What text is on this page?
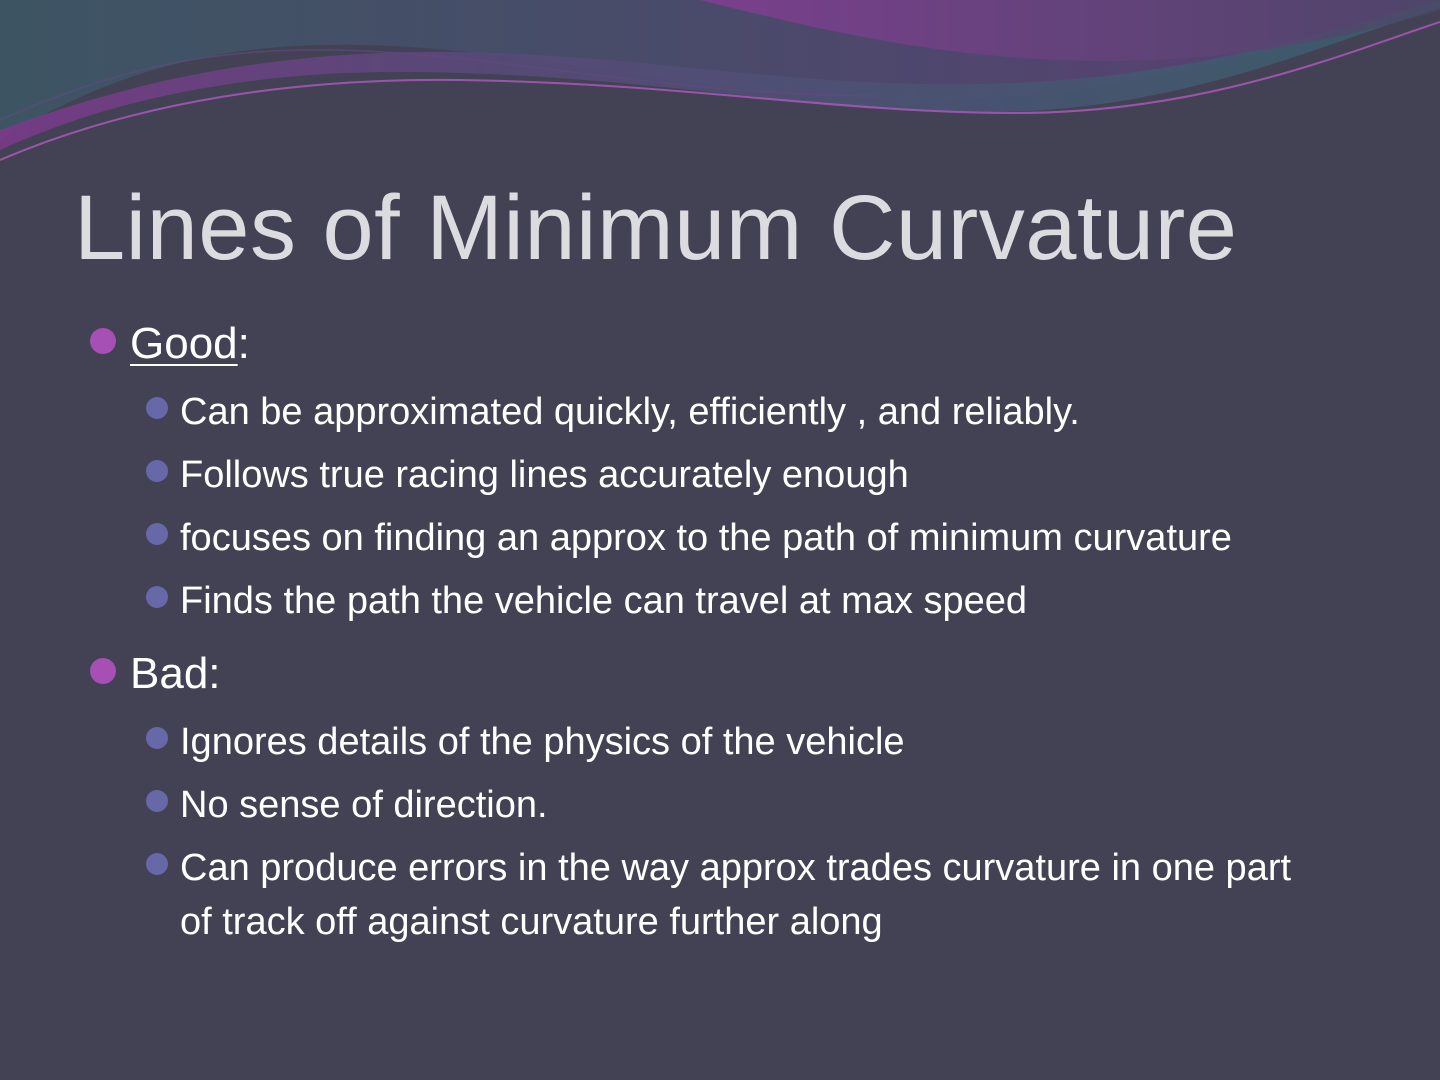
Lines of Minimum Curvature
Good:
Can be approximated quickly, efficiently , and reliably.
Follows true racing lines accurately enough
focuses on finding an approx to the path of minimum curvature
Finds the path the vehicle can travel at max speed
Bad:
Ignores details of the physics of the vehicle
No sense of direction.
Can produce errors in the way approx trades curvature in one part of track off against curvature further along
